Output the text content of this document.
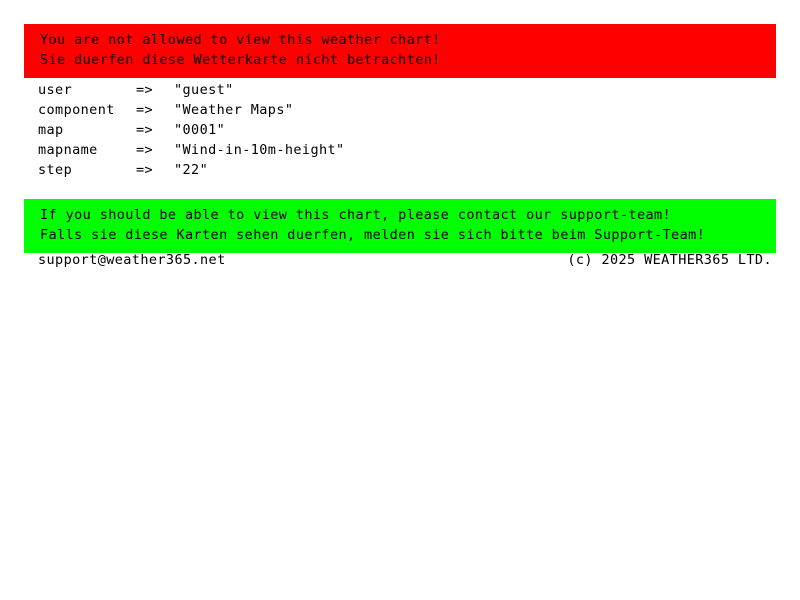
You are not allowed to view this weather chart!
Sie duerfen diese Wetterkarte nicht betrachten!
user	=>	"guest"
component	=>	"Weather Maps"
map	=>	"0001"
mapname	=>	"Wind-in-10m-height"
step	=>	"22"
If you should be able to view this chart, please contact our support-team!
Falls sie diese Karten sehen duerfen, melden sie sich bitte beim Support-Team!
support@weather365.net	(c) 2025 WEATHER365 LTD.
